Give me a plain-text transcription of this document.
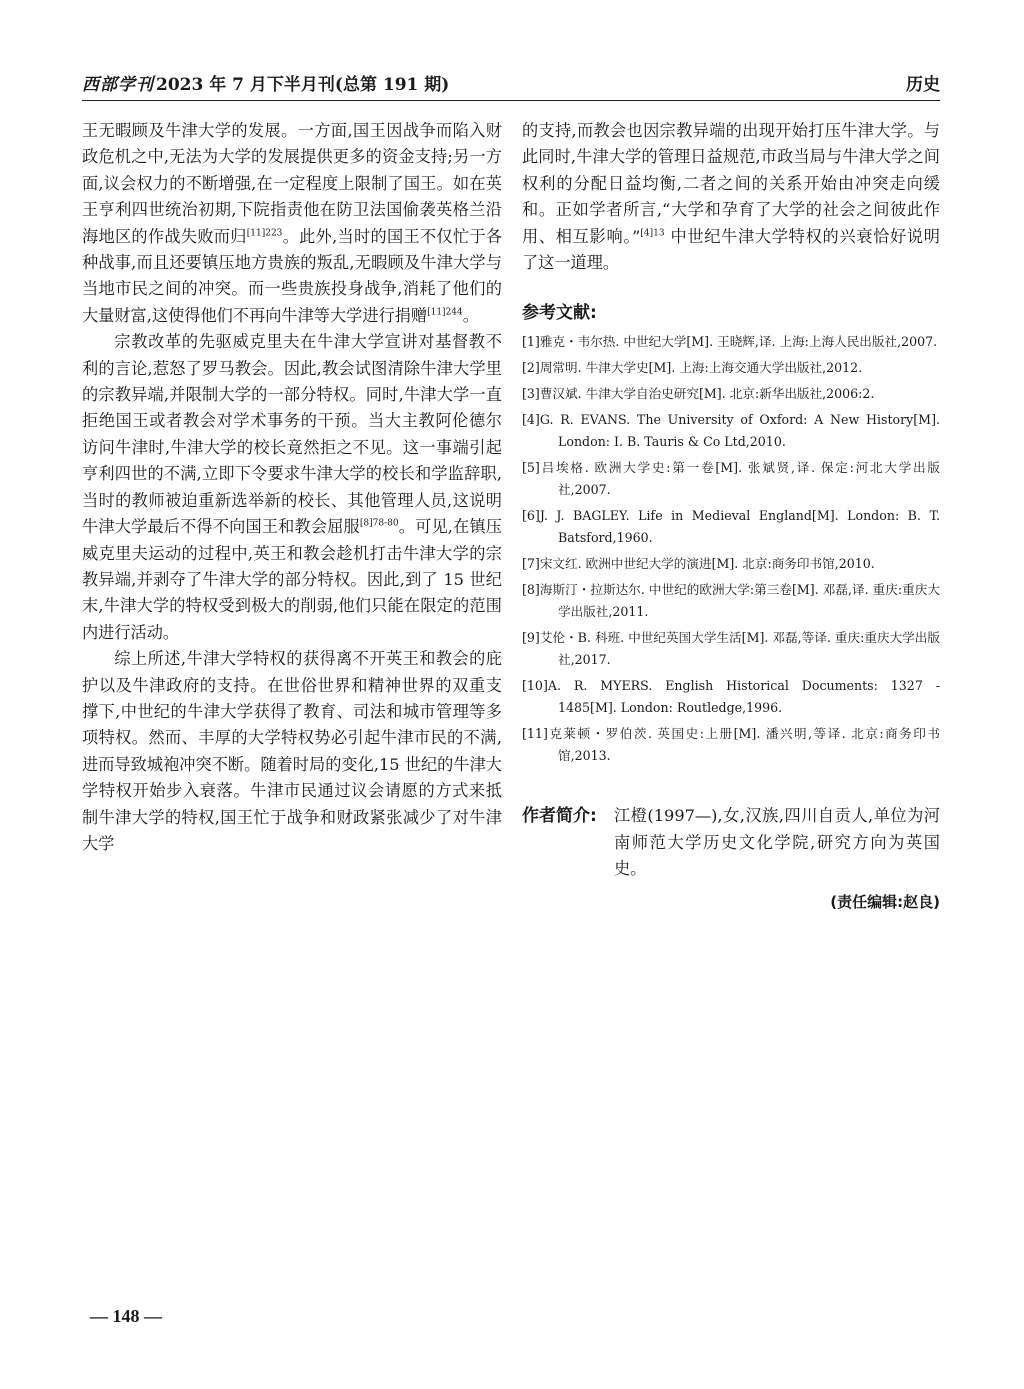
西部学刊 2023 年 7 月下半月刊(总第 191 期)	历史

王无暇顾及牛津大学的发展。一方面,国王因战争而陷入财政危机之中,无法为大学的发展提供更多的资金支持;另一方面,议会权力的不断增强,在一定程度上限制了国王。如在英王亨利四世统治初期,下院指责他在防卫法国偷袭英格兰沿海地区的作战失败而归$^{[11]223}$。此外,当时的国王不仅忙于各种战事,而且还要镇压地方贵族的叛乱,无暇顾及牛津大学与当地市民之间的冲突。而一些贵族投身战争,消耗了他们的大量财富,这使得他们不再向牛津等大学进行捐赠$^{[11]244}$。

宗教改革的先驱威克里夫在牛津大学宣讲对基督教不利的言论,惹怒了罗马教会。因此,教会试图清除牛津大学里的宗教异端,并限制大学的一部分特权。同时,牛津大学一直拒绝国王或者教会对学术事务的干预。当大主教阿伦德尔访问牛津时,牛津大学的校长竟然拒之不见。这一事端引起亨利四世的不满,立即下令要求牛津大学的校长和学监辞职,当时的教师被迫重新选举新的校长、其他管理人员,这说明牛津大学最后不得不向国王和教会屈服$^{[8]78-80}$。可见,在镇压威克里夫运动的过程中,英王和教会趁机打击牛津大学的宗教异端,并剥夺了牛津大学的部分特权。因此,到了 15 世纪末,牛津大学的特权受到极大的削弱,他们只能在限定的范围内进行活动。

综上所述,牛津大学特权的获得离不开英王和教会的庇护以及牛津政府的支持。在世俗世界和精神世界的双重支撑下,中世纪的牛津大学获得了教育、司法和城市管理等多项特权。然而、丰厚的大学特权势必引起牛津市民的不满,进而导致城袍冲突不断。随着时局的变化,15 世纪的牛津大学特权开始步入衰落。牛津市民通过议会请愿的方式来抵制牛津大学的特权,国王忙于战争和财政紧张减少了对牛津大学

的支持,而教会也因宗教异端的出现开始打压牛津大学。与此同时,牛津大学的管理日益规范,市政当局与牛津大学之间权利的分配日益均衡,二者之间的关系开始由冲突走向缓和。正如学者所言,“大学和孕育了大学的社会之间彼此作用、相互影响。”$^{[4]13}$ 中世纪牛津大学特权的兴衰恰好说明了这一道理。

参考文献:
[1]雅克・韦尔热. 中世纪大学[M]. 王晓辉,译. 上海:上海人民出版社,2007.
[2]周常明. 牛津大学史[M]. 上海:上海交通大学出版社,2012.
[3]曹汉斌. 牛津大学自治史研究[M]. 北京:新华出版社,2006:2.
[4]G. R. EVANS. The University of Oxford: A New History[M]. London: I. B. Tauris & Co Ltd,2010.
[5]吕埃格. 欧洲大学史:第一卷[M]. 张斌贤,译. 保定:河北大学出版社,2007.
[6]J. J. BAGLEY. Life in Medieval England[M]. London: B. T. Batsford,1960.
[7]宋文红. 欧洲中世纪大学的演进[M]. 北京:商务印书馆,2010.
[8]海斯汀・拉斯达尔. 中世纪的欧洲大学:第三卷[M]. 邓磊,译. 重庆:重庆大学出版社,2011.
[9]艾伦・B. 科班. 中世纪英国大学生活[M]. 邓磊,等译. 重庆:重庆大学出版社,2017.
[10]A. R. MYERS. English Historical Documents: 1327 - 1485[M]. London: Routledge,1996.
[11]克莱顿・罗伯茨. 英国史:上册[M]. 潘兴明,等译. 北京:商务印书馆,2013.
作者简介:	江橙(1997—),女,汉族,四川自贡人,单位为河南师范大学历史文化学院,研究方向为英国史。
(责任编辑:赵良)
— 148 —
